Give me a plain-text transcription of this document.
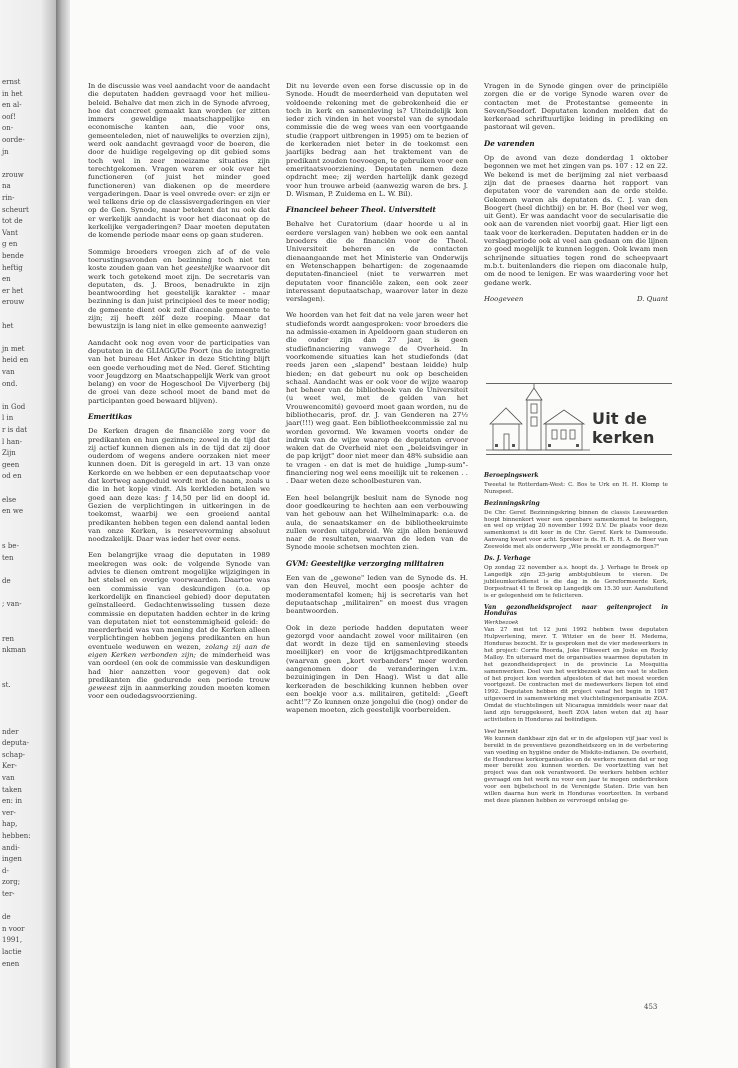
ernst
in het
en al-
oof!
on-
oorde-
jn
zrouw
na
rin-
scheurt
tot de
Vant
g en
bende
heftig
en
er het
erouw
het
jn met
heid en
van
ond.
in God
l in
r is dat
l han-
Zijn
geen
od en
else
en we
s be-
ten
de
; van-
ren
nkman
st.
nder
deputa-
schap-
Ker-
van
taken
en: in
ver-
hap,
hebben:
andi-
ingen
d-
zorg;
ter-
de
n voor
1991,
lactie
enen

In de discussie was veel aandacht voor de aandacht die deputaten hadden gevraagd voor het milieu-beleid. Behalve dat men zich in de Synode afvroeg, hoe dat concreet gemaakt kan worden (er zitten immers geweldige maatschappelijke en economische kanten aan, die voor ons, gemeenteleden, niet of nauwelijks te overzien zijn), werd ook aandacht gevraagd voor de boeren, die door de huidige regelgeving op dit gebied soms toch wel in zeer moeizame situaties zijn terechtgekomen. Vragen waren er ook over het functioneren (of juist het minder goed functioneren) van diakenen op de meerdere vergaderingen. Daar is veel onvrede over: er zijn er wel telkens drie op de classisvergaderingen en vier op de Gen. Synode, maar betekent dat nu ook dat er werkelijk aandacht is voor het diaconaat op de kerkelijke vergaderingen? Daar moeten deputaten de komende periode maar eens op gaan studeren.

Sommige broeders vroegen zich af of de vele toerustingsavonden en bezinning toch niet ten koste zouden gaan van het geestelijke waarvoor dit werk toch getekend moet zijn. De secretaris van deputaten, ds. J. Broos, benadrukte in zijn beantwoording het geestelijk karakter - maar bezinning is dan juist principieel des te meer nodig; de gemeente dient ook zelf diaconale gemeente te zijn; zij heeft zélf deze roeping. Maar dat bewustzijn is lang niet in elke gemeente aanwezig!

Aandacht ook nog even voor de participaties van deputaten in de GLIAGG/De Poort (na de integratie van het bureau Het Anker in deze Stichting blijft een goede verhouding met de Ned. Geref. Stichting voor Jeugdzorg en Maatschappelijk Werk van groot belang) en voor de Hogeschool De Vijverberg (bij de groei van deze school moet de band met de participanten goed bewaard blijven).

Emeritikas

De Kerken dragen de financiële zorg voor de predikanten en hun gezinnen; zowel in de tijd dat zij actief kunnen dienen als in de tijd dat zij door ouderdom of wegens andere oorzaken niet meer kunnen doen. Dit is geregeld in art. 13 van onze Kerkorde en we hebben er een deputaatschap voor dat kortweg aangeduid wordt met de naam, zoals u die in het kopje vindt. Als kerkleden betalen we goed aan deze kas: ƒ 14,50 per lid en doopl id. Gezien de verplichtingen in uitkeringen in de toekomst, waarbij we een groeiend aantal predikanten hebben tegen een dalend aantal leden van onze Kerken, is reservevorming absoluut noodzakelijk. Daar was ieder het over eens.

Een belangrijke vraag die deputaten in 1989 meekregen was ook: de volgende Synode van advies te dienen omtrent mogelijke wijzigingen in het stelsel en overige voorwaarden. Daartoe was een commissie van deskundigen (o.a. op kerkordelijk en financieel gebied) door deputaten geïnstalleerd. Gedachtenwisseling tussen deze commissie en deputaten hadden echter in de kring van deputaten niet tot eenstemmigheid geleid: de meerderheid was van mening dat de Kerken alleen verplichtingen hebben jegens predikanten en hun eventuele weduwen en wezen, zolang zij aan de eigen Kerken verbonden zijn; de minderheid was van oordeel (en ook de commissie van deskundigen had hier aanzetten voor gegeven) dat ook predikanten die gedurende een periode trouw geweest zijn in aanmerking zouden moeten komen voor een oudedagsvoorziening.

Dit nu leverde even een forse discussie op in de Synode. Houdt de meerderheid van deputaten wel voldoende rekening met de gebrokenheid die er toch in kerk en samenleving is? Uiteindelijk kon ieder zich vinden in het voorstel van de synodale commissie die de weg wees van een voortgaande studie (rapport uitbrengen in 1995) om te bezien of de kerkeraden niet beter in de toekomst een jaarlijks bedrag aan het traktement van de predikant zouden toevoegen, te gebruiken voor een emeritaatsvoorziening. Deputaten nemen deze opdracht mee; zij werden hartelijk dank gezegd voor hun trouwe arbeid (aanwezig waren de brs. J. D. Wisman, P. Zuidema en L. W. Bil).

Financieel beheer Theol. Universiteit

Behalve het Curatorium (daar hoorde u al in eerdere verslagen van) hebben we ook een aantal broeders die de financiën voor de Theol. Universiteit beheren en de contacten dienaangaande met het Ministerie van Onderwijs en Wetenschappen behartigen: de zogenaamde deputaten-financieel (niet te verwarren met deputaten voor financiële zaken, een ook zeer interessant deputaatschap, waarover later in deze verslagen).

We hoorden van het feit dat na vele jaren weer het studiefonds wordt aangesproken: voor broeders die na admissie-examen in Apeldoorn gaan studeren en die ouder zijn dan 27 jaar, is geen studiefinanciering vanwege de Overheid. In voorkomende situaties kan het studiefonds (dat reeds jaren een „slapend" bestaan leidde) hulp bieden; en dat gebeurt nu ook op bescheiden schaal. Aandacht was er ook voor de wijze waarop het beheer van de bibliotheek van de Universiteit (u weet wel, met de gelden van het Vrouwencomité) gevoerd moet gaan worden, nu de bibliothecaris, prof. dr. J. van Genderen na 27½ jaar(!!!) weg gaat. Een bibliotheekcommissie zal nu worden gevormd. We kwamen voorts onder de indruk van de wijze waarop de deputaten ervoor waken dat de Overheid niet een „beleidsvinger in de pap krijgt" door niet meer dan 48% subsidie aan te vragen - en dat is met de huidige „lump-sum"-financiering nog wel eens moeilijk uit te rekenen . . . Daar weten deze schoolbesturen van.

Een heel belangrijk besluit nam de Synode nog door goedkeuring te hechten aan een verbouwing van het gebouw aan het Wilhelminapark: o.a. de aula, de senaatskamer en de bibliotheekruimte zullen worden uitgebreid. We zijn allen benieuwd naar de resultaten, waarvan de leden van de Synode mooie schetsen mochten zien.

GVM: Geestelijke verzorging militairen

Een van de „gewone" leden van de Synode ds. H. van den Heuvel, mocht een poosje achter de moderamentafel komen; hij is secretaris van het deputaatschap „militairen" en moest dus vragen beantwoorden.

Ook in deze periode hadden deputaten weer gezorgd voor aandacht zowel voor militairen (en dat wordt in deze tijd en samenleving steeds moeilijker) en voor de krijgsmachtpredikanten (waarvan geen „kort verbanders" meer worden aangenomen door de veranderingen i.v.m. bezuinigingen in Den Haag). Wist u dat alle kerkeraden de beschikking kunnen hebben over een boekje voor a.s. militairen, getiteld: „Geeft acht!"? Zo kunnen onze jongelui die (nog) onder de wapenen moeten, zich geestelijk voorbereiden.

Vragen in de Synode gingen over de principiële zorgen die er de vorige Synode waren over de contacten met de Protestantse gemeente in Seven/Seedorf. Deputaten konden melden dat de kerkeraad schriftuurlijke leiding in prediking en pastoraat wil geven.

De varenden

Op de avond van deze donderdag 1 oktober begonnen we met het zingen van ps. 107 : 12 en 22. We bekend is met de berijming zal niet verbaasd zijn dat de praeses daarna het rapport van deputaten voor de varenden aan de orde stelde. Gekomen waren als deputaten ds. C. J. van den Boogert (heel dichtbij) en br. H. Bor (heel ver weg, uit Gent). Er was aandacht voor de secularisatie die ook aan de varenden niet voorbij gaat. Hier ligt een taak voor de kerkeraden. Deputaten hadden er in de verslagperiode ook al veel aan gedaan om die lijnen zo goed mogelijk te kunnen leggen. Ook kwam men schrijnende situaties tegen rond de scheepvaart m.b.t. buitenlanders die riepen om diaconale hulp, om de nood te lenigen. Er was waardering voor het gedane werk.

Hoogeveen	D. Quant
Uit de kerken
Beroepingswerk

Tweetal te Rotterdam-West: C. Bos te Urk en H. H. Klomp te Nunspeet.

Bezinningskring

De Chr. Geref. Bezinningskring binnen de classis Leeuwarden hoopt binnenkort weer een openbare samenkomst te beleggen, en wel op vrijdag 20 november 1992 D.V. De plaats voor deze samenkomst is dit keer in de Chr. Geref. Kerk te Damwoude. Aanvang kwart voor acht. Spreker is ds. H. R. H. A. de Boer van Zeewolde met als onderwerp „Wie preekt er zondagmorgen?"

Ds. J. Verhage

Op zondag 22 november a.s. hoopt ds. J. Verhage te Broek op Langedijk zijn 25-jarig ambtsjubileum te vieren. De jubileumkerkdienst is die dag in de Gereformeerde Kerk, Dorpsstraat 41 te Broek op Langedijk om 15.30 uur. Aansluitend is er gelegenheid om te feliciteren.

Van gezondheidsproject naar geitenproject in Honduras
Werkbezoek

Van 27 mei tot 12 juni 1992 hebben twee deputaten Hulpverlening, mevr. T. Witzier en de heer H. Medema, Honduras bezocht. Er is gesproken met de vier medewerkers in het project: Corrie Roorda, Joke Flikweert en Joske en Rocky Malloy. En uiteraard met de organisaties waarmee deputaten in het gezondheidsproject in de provincie La Mosquitia samenwerken. Doel van het werkbezoek was om vast te stellen of het project kon worden afgesloten of dat het moest worden voortgezet. De contracten met de medewerkers liepen tot eind 1992. Deputaten hebben dit project vanaf het begin in 1987 uitgevoerd in samenwerking met vluchtelingenorganisatie ZOA. Omdat de vluchtelingen uit Nicaragua inmiddels weer naar dat land zijn teruggekeerd, heeft ZOA laten weten dat zij haar activiteiten in Honduras zal beëindigen.

Veel bereikt

We kunnen dankbaar zijn dat er in de afgelopen vijf jaar veel is bereikt in de preventieve gezondheidszorg en in de verbetering van voeding en hygiëne onder de Miskito-indianen. De overheid, de Hondurese kerkorganisaties en de werkers menen dat er nog meer bereikt zou kunnen worden. De voortzetting van het project was dan ook verantwoord. De werkers hebben echter gevraagd om het werk nu voor een jaar te mogen onderbreken voor een bijbelschool in de Verenigde Staten. Drie van hen willen daarna hun werk in Honduras voortzetten. In verband met deze plannen hebben ze vervroegd ontslag ge-

453
